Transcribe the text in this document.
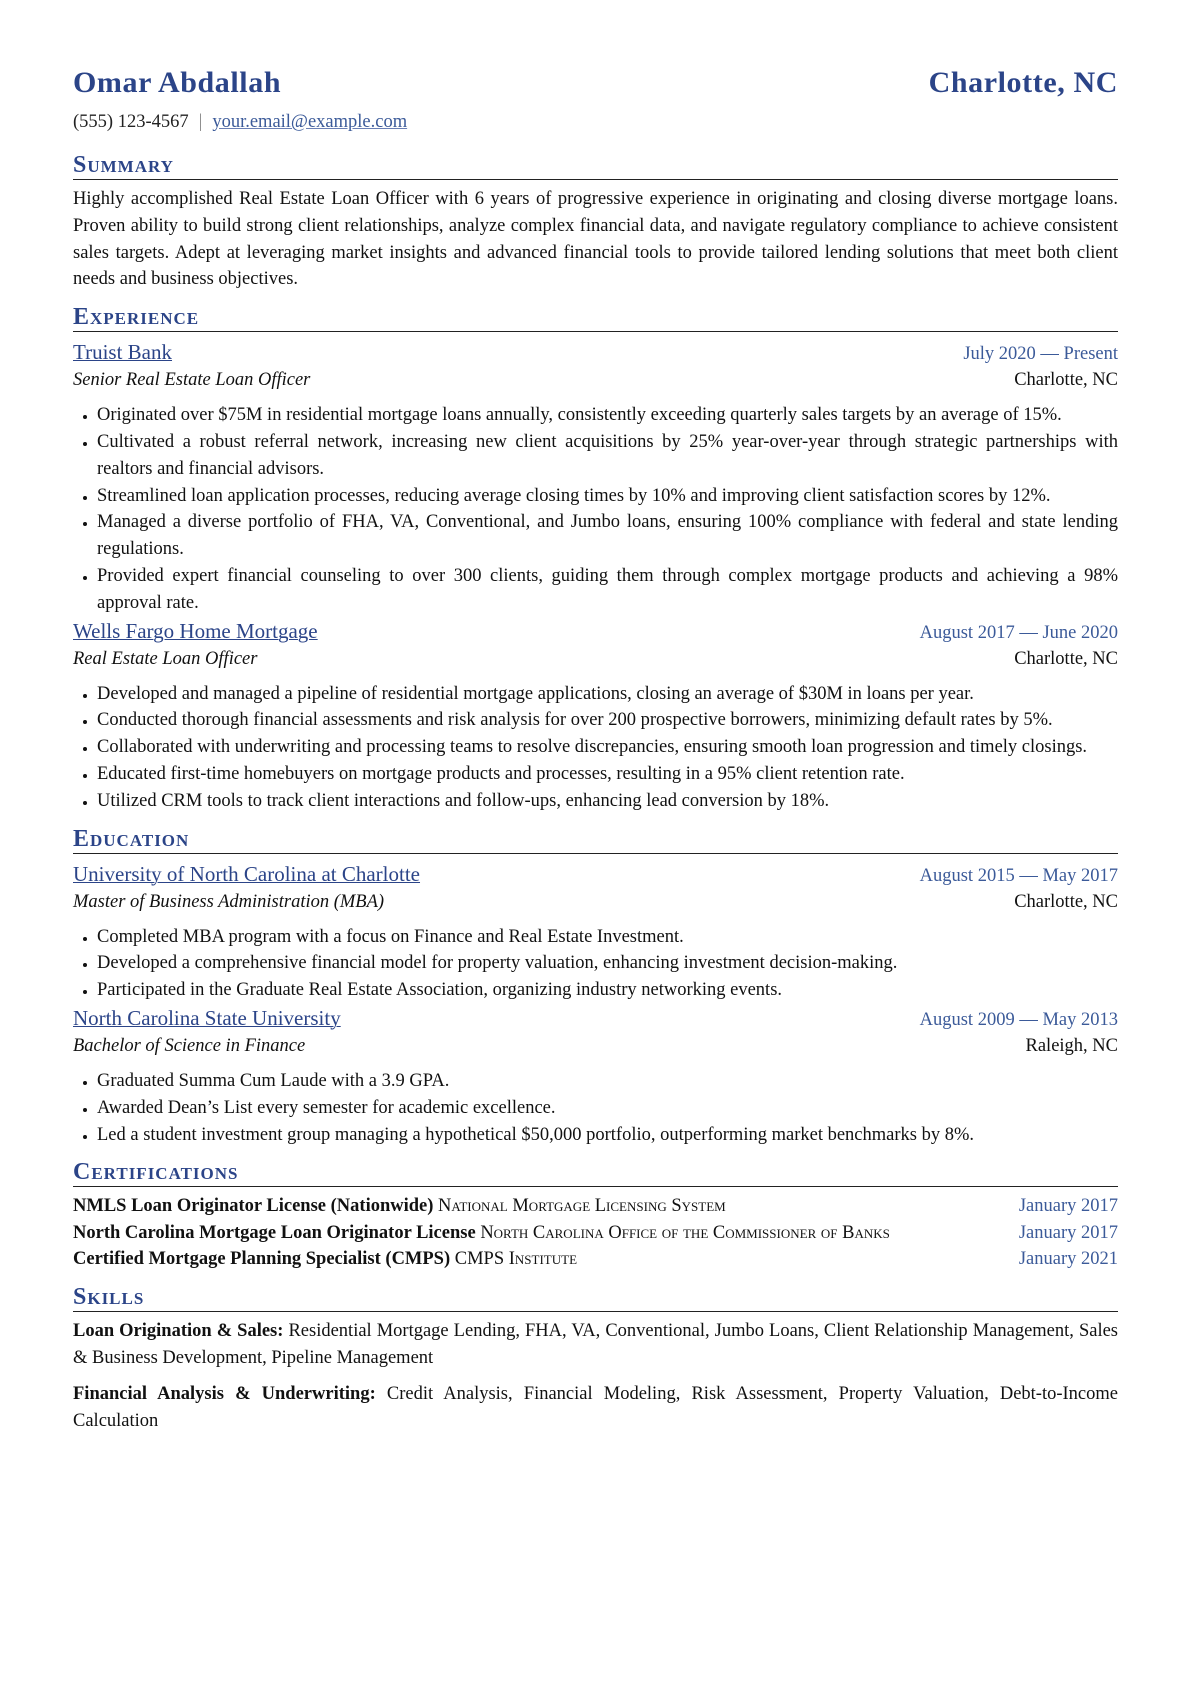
Omar Abdallah	Charlotte, NC
(555) 123-4567 | your.email@example.com
Summary

Highly accomplished Real Estate Loan Officer with 6 years of progressive experience in originating and closing diverse mortgage loans. Proven ability to build strong client relationships, analyze complex financial data, and navigate regulatory compliance to achieve consistent sales targets. Adept at leveraging market insights and advanced financial tools to provide tailored lending solutions that meet both client needs and business objectives.

Experience
Truist Bank	July 2020 — Present
Senior Real Estate Loan Officer	Charlotte, NC
• Originated over $75M in residential mortgage loans annually, consistently exceeding quarterly sales targets by an average of 15%.
• Cultivated a robust referral network, increasing new client acquisitions by 25% year-over-year through strategic partnerships with realtors and financial advisors.
• Streamlined loan application processes, reducing average closing times by 10% and improving client satisfaction scores by 12%.
• Managed a diverse portfolio of FHA, VA, Conventional, and Jumbo loans, ensuring 100% compliance with federal and state lending regulations.
• Provided expert financial counseling to over 300 clients, guiding them through complex mortgage products and achieving a 98% approval rate.
Wells Fargo Home Mortgage	August 2017 — June 2020
Real Estate Loan Officer	Charlotte, NC
• Developed and managed a pipeline of residential mortgage applications, closing an average of $30M in loans per year.
• Conducted thorough financial assessments and risk analysis for over 200 prospective borrowers, minimizing default rates by 5%.
• Collaborated with underwriting and processing teams to resolve discrepancies, ensuring smooth loan progression and timely closings.
• Educated first-time homebuyers on mortgage products and processes, resulting in a 95% client retention rate.
• Utilized CRM tools to track client interactions and follow-ups, enhancing lead conversion by 18%.
Education
University of North Carolina at Charlotte	August 2015 — May 2017
Master of Business Administration (MBA)	Charlotte, NC
• Completed MBA program with a focus on Finance and Real Estate Investment.
• Developed a comprehensive financial model for property valuation, enhancing investment decision-making.
• Participated in the Graduate Real Estate Association, organizing industry networking events.
North Carolina State University	August 2009 — May 2013
Bachelor of Science in Finance	Raleigh, NC
• Graduated Summa Cum Laude with a 3.9 GPA.
• Awarded Dean’s List every semester for academic excellence.
• Led a student investment group managing a hypothetical $50,000 portfolio, outperforming market benchmarks by 8%.
Certifications
NMLS Loan Originator License (Nationwide) National Mortgage Licensing System	January 2017
North Carolina Mortgage Loan Originator License North Carolina Office of the Commissioner of Banks	January 2017
Certified Mortgage Planning Specialist (CMPS) CMPS Institute	January 2021
Skills
Loan Origination & Sales: Residential Mortgage Lending, FHA, VA, Conventional, Jumbo Loans, Client Relationship Management, Sales & Business Development, Pipeline Management
Financial Analysis & Underwriting: Credit Analysis, Financial Modeling, Risk Assessment, Property Valuation, Debt-to-Income Calculation
